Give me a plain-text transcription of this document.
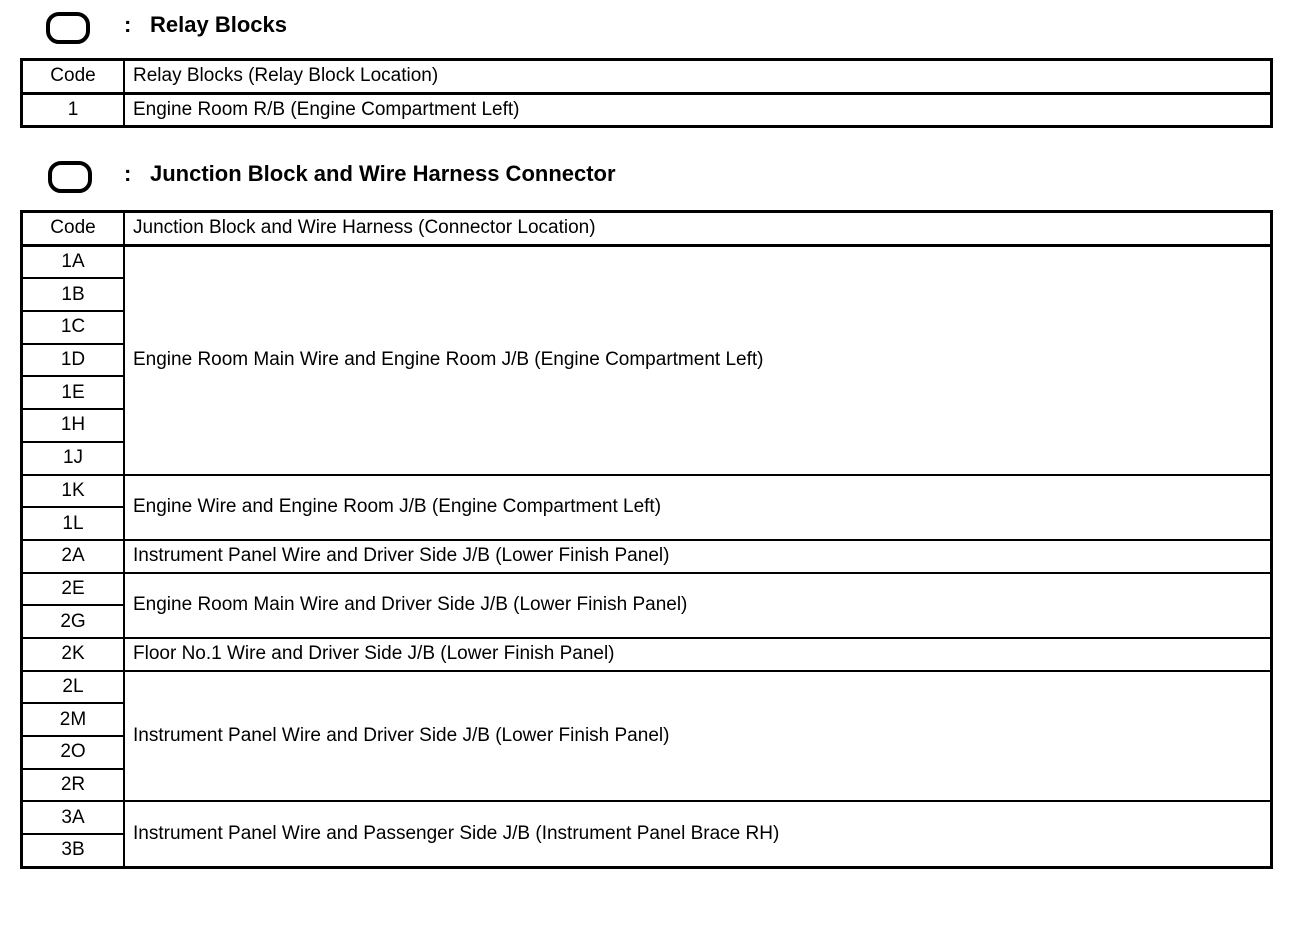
: Relay Blocks
Code	Relay Blocks (Relay Block Location)
1	Engine Room R/B (Engine Compartment Left)
: Junction Block and Wire Harness Connector
Code	Junction Block and Wire Harness (Connector Location)
1A	Engine Room Main Wire and Engine Room J/B (Engine Compartment Left)
1B	
1C	
1D	
1E	
1H	
1J	
1K	Engine Wire and Engine Room J/B (Engine Compartment Left)
1L	
2A	Instrument Panel Wire and Driver Side J/B (Lower Finish Panel)
2E	Engine Room Main Wire and Driver Side J/B (Lower Finish Panel)
2G	
2K	Floor No.1 Wire and Driver Side J/B (Lower Finish Panel)
2L	Instrument Panel Wire and Driver Side J/B (Lower Finish Panel)
2M	
2O	
2R	
3A	Instrument Panel Wire and Passenger Side J/B (Instrument Panel Brace RH)
3B	
